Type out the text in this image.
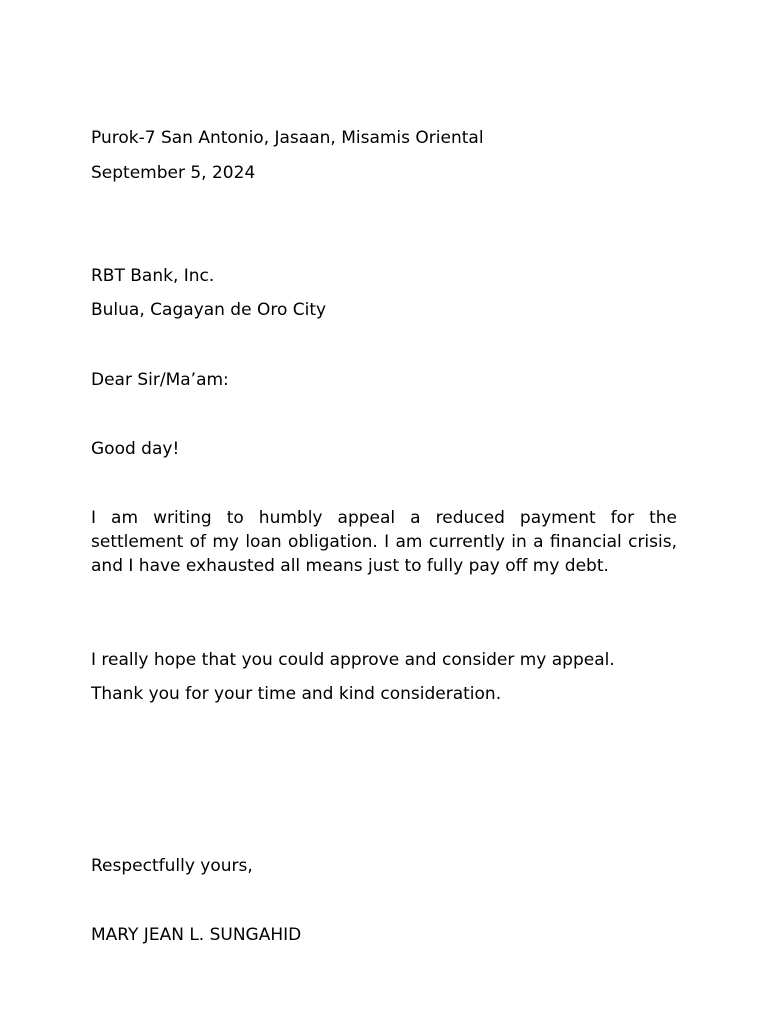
Purok-7 San Antonio, Jasaan, Misamis Oriental

September 5, 2024

RBT Bank, Inc.

Bulua, Cagayan de Oro City

Dear Sir/Ma’am:

Good day!

I am writing to humbly appeal a reduced payment for the settlement of my loan obligation. I am currently in a financial crisis, and I have exhausted all means just to fully pay off my debt.

I really hope that you could approve and consider my appeal.

Thank you for your time and kind consideration.

Respectfully yours,

MARY JEAN L. SUNGAHID
